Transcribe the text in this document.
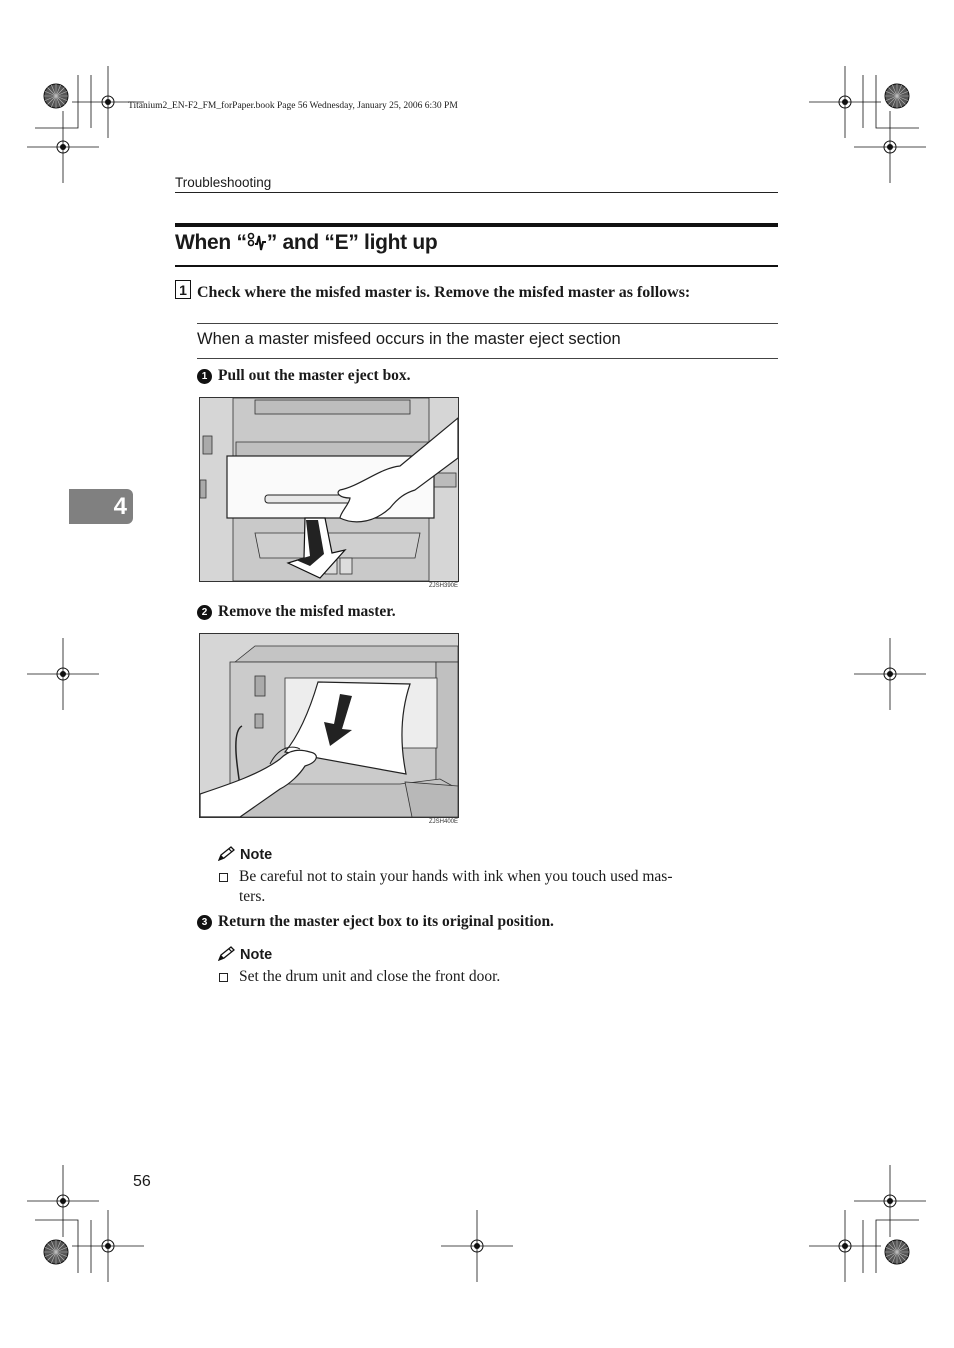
Titanium2_EN-F2_FM_forPaper.book Page 56 Wednesday, January 25, 2006 6:30 PM
Troubleshooting
When “ ” and “E” light up
1 Check where the misfed master is. Remove the misfed master as follows:
When a master misfeed occurs in the master eject section
1 Pull out the master eject box.
ZJSH390E
2 Remove the misfed master.
ZJSH400E
Note
Be careful not to stain your hands with ink when you touch used mas-
ters.
3 Return the master eject box to its original position.
Note
Set the drum unit and close the front door.
4
56
